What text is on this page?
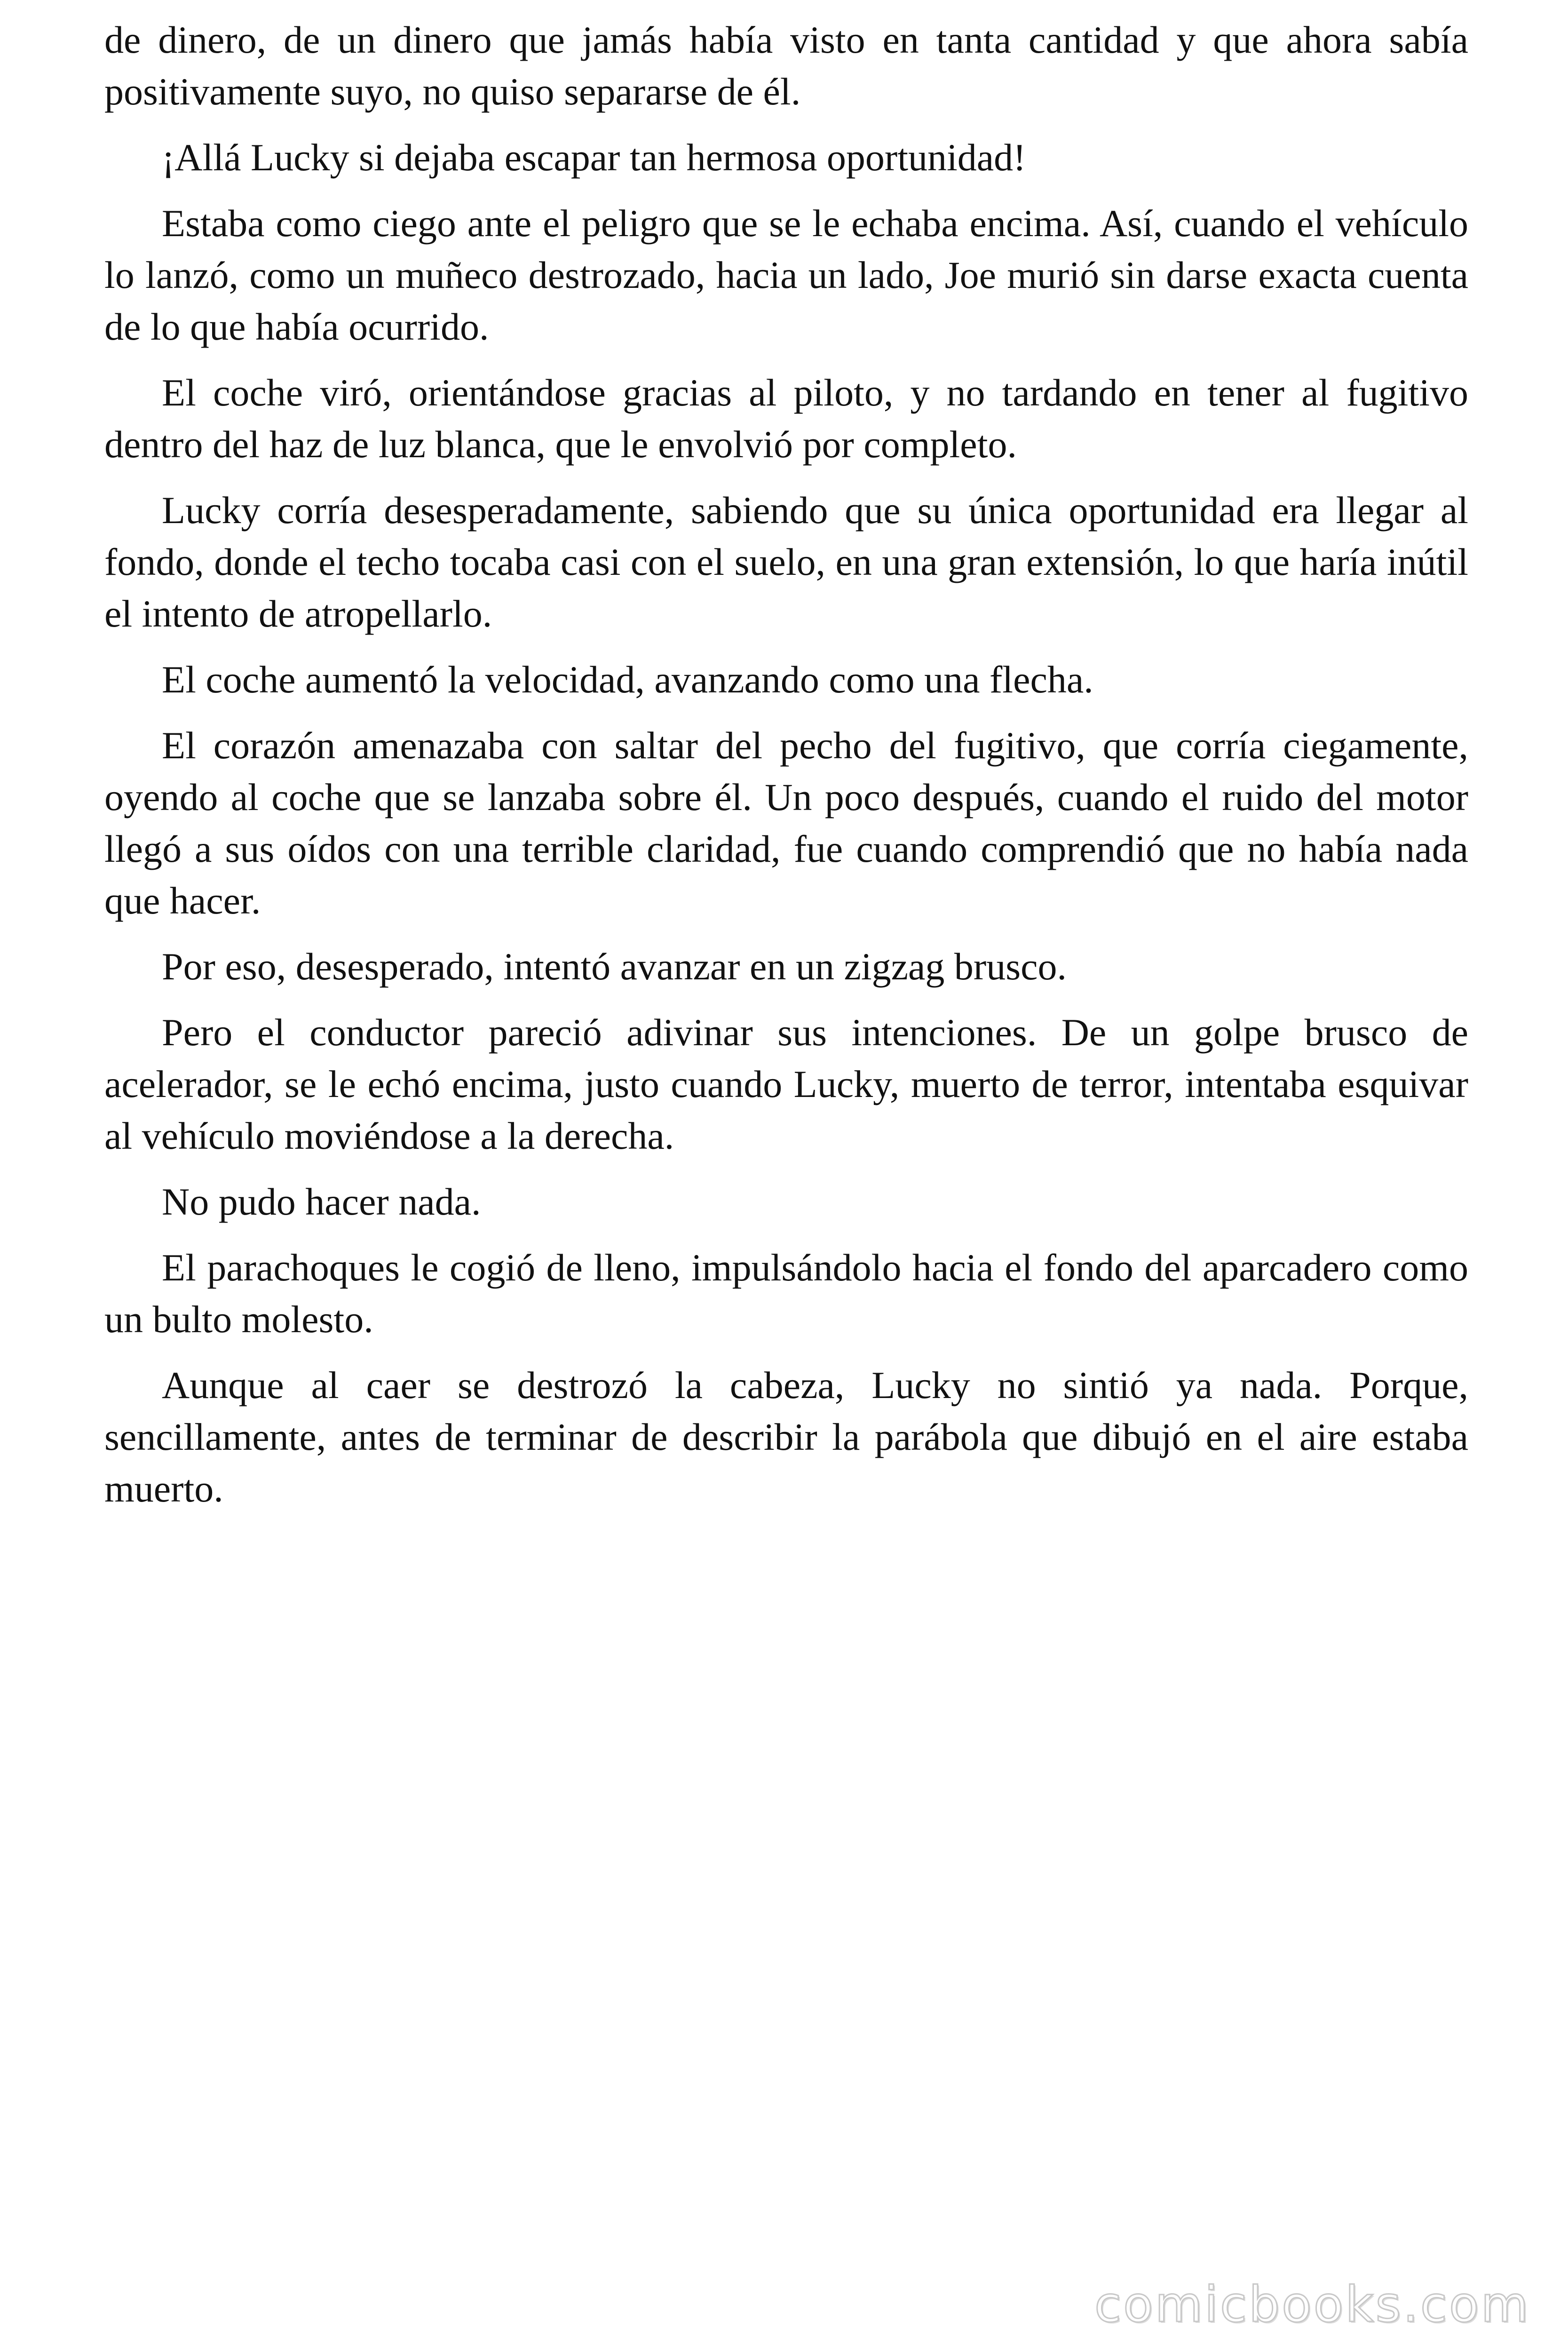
de dinero, de un dinero que jamás había visto en tanta cantidad y que ahora sabía positivamente suyo, no quiso separarse de él.

¡Allá Lucky si dejaba escapar tan hermosa oportunidad!

Estaba como ciego ante el peligro que se le echaba encima. Así, cuando el vehículo lo lanzó, como un muñeco destrozado, hacia un lado, Joe murió sin darse exacta cuenta de lo que había ocurrido.

El coche viró, orientándose gracias al piloto, y no tardando en tener al fugitivo dentro del haz de luz blanca, que le envolvió por completo.

Lucky corría desesperadamente, sabiendo que su única oportunidad era llegar al fondo, donde el techo tocaba casi con el suelo, en una gran extensión, lo que haría inútil el intento de atropellarlo.

El coche aumentó la velocidad, avanzando como una flecha.

El corazón amenazaba con saltar del pecho del fugitivo, que corría ciegamente, oyendo al coche que se lanzaba sobre él. Un poco después, cuando el ruido del motor llegó a sus oídos con una terrible claridad, fue cuando comprendió que no había nada que hacer.

Por eso, desesperado, intentó avanzar en un zigzag brusco.

Pero el conductor pareció adivinar sus intenciones. De un golpe brusco de acelerador, se le echó encima, justo cuando Lucky, muerto de terror, intentaba esquivar al vehículo moviéndose a la derecha.

No pudo hacer nada.

El parachoques le cogió de lleno, impulsándolo hacia el fondo del aparcadero como un bulto molesto.

Aunque al caer se destrozó la cabeza, Lucky no sintió ya nada. Porque, sencillamente, antes de terminar de describir la parábola que dibujó en el aire estaba muerto.

comicbooks.com
